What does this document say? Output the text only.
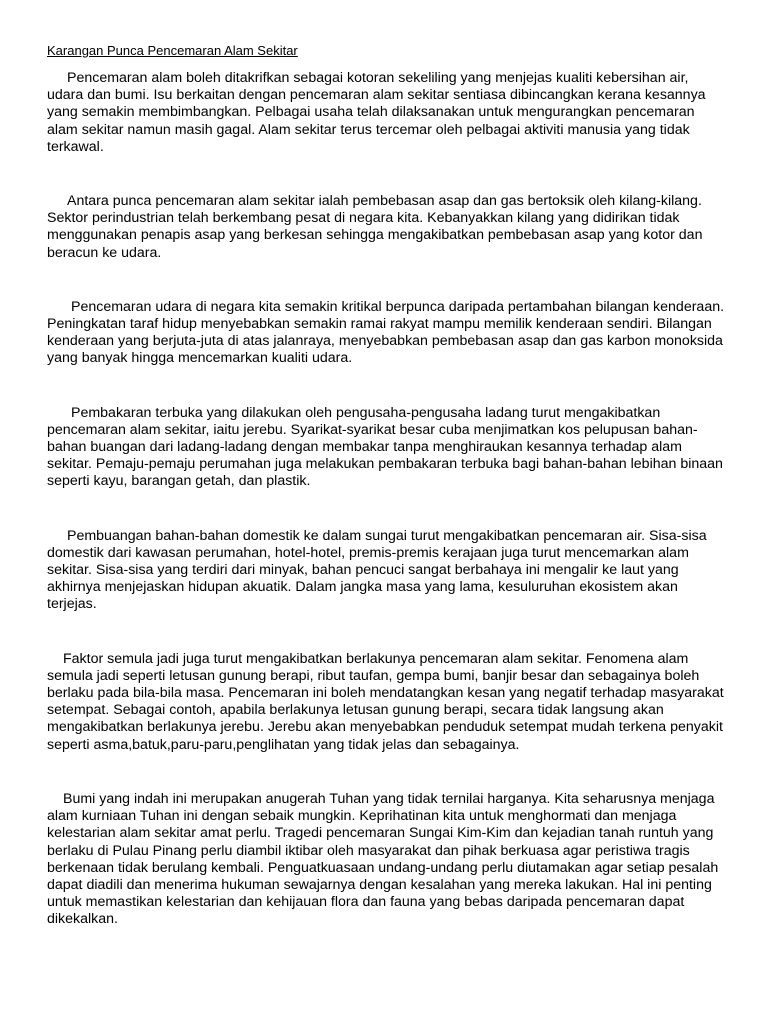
Karangan Punca Pencemaran Alam Sekitar

Pencemaran alam boleh ditakrifkan sebagai kotoran sekeliling yang menjejas kualiti kebersihan air, udara dan bumi. Isu berkaitan dengan pencemaran alam sekitar sentiasa dibincangkan kerana kesannya yang semakin membimbangkan. Pelbagai usaha telah dilaksanakan untuk mengurangkan pencemaran alam sekitar namun masih gagal. Alam sekitar terus tercemar oleh pelbagai aktiviti manusia yang tidak terkawal.

Antara punca pencemaran alam sekitar ialah pembebasan asap dan gas bertoksik oleh kilang-kilang. Sektor perindustrian telah berkembang pesat di negara kita. Kebanyakkan kilang yang didirikan tidak menggunakan penapis asap yang berkesan sehingga mengakibatkan pembebasan asap yang kotor dan beracun ke udara.

Pencemaran udara di negara kita semakin kritikal berpunca daripada pertambahan bilangan kenderaan. Peningkatan taraf hidup menyebabkan semakin ramai rakyat mampu memilik kenderaan sendiri. Bilangan kenderaan yang berjuta-juta di atas jalanraya, menyebabkan pembebasan asap dan gas karbon monoksida yang banyak hingga mencemarkan kualiti udara.

Pembakaran terbuka yang dilakukan oleh pengusaha-pengusaha ladang turut mengakibatkan pencemaran alam sekitar, iaitu jerebu. Syarikat-syarikat besar cuba menjimatkan kos pelupusan bahan-bahan buangan dari ladang-ladang dengan membakar tanpa menghiraukan kesannya terhadap alam sekitar. Pemaju-pemaju perumahan juga melakukan pembakaran terbuka bagi bahan-bahan lebihan binaan seperti kayu, barangan getah, dan plastik.

Pembuangan bahan-bahan domestik ke dalam sungai turut mengakibatkan pencemaran air. Sisa-sisa domestik dari kawasan perumahan, hotel-hotel, premis-premis kerajaan juga turut mencemarkan alam sekitar. Sisa-sisa yang terdiri dari minyak, bahan pencuci sangat berbahaya ini mengalir ke laut yang akhirnya menjejaskan hidupan akuatik. Dalam jangka masa yang lama, kesuluruhan ekosistem akan terjejas.

Faktor semula jadi juga turut mengakibatkan berlakunya pencemaran alam sekitar. Fenomena alam semula jadi seperti letusan gunung berapi, ribut taufan, gempa bumi, banjir besar dan sebagainya boleh berlaku pada bila-bila masa. Pencemaran ini boleh mendatangkan kesan yang negatif terhadap masyarakat setempat. Sebagai contoh, apabila berlakunya letusan gunung berapi, secara tidak langsung akan mengakibatkan berlakunya jerebu. Jerebu akan menyebabkan penduduk setempat mudah terkena penyakit seperti asma,batuk,paru-paru,penglihatan yang tidak jelas dan sebagainya.

Bumi yang indah ini merupakan anugerah Tuhan yang tidak ternilai harganya. Kita seharusnya menjaga alam kurniaan Tuhan ini dengan sebaik mungkin. Keprihatinan kita untuk menghormati dan menjaga kelestarian alam sekitar amat perlu. Tragedi pencemaran Sungai Kim-Kim dan kejadian tanah runtuh yang berlaku di Pulau Pinang perlu diambil iktibar oleh masyarakat dan pihak berkuasa agar peristiwa tragis berkenaan tidak berulang kembali. Penguatkuasaan undang-undang perlu diutamakan agar setiap pesalah dapat diadili dan menerima hukuman sewajarnya dengan kesalahan yang mereka lakukan. Hal ini penting untuk memastikan kelestarian dan kehijauan flora dan fauna yang bebas daripada pencemaran dapat dikekalkan.
